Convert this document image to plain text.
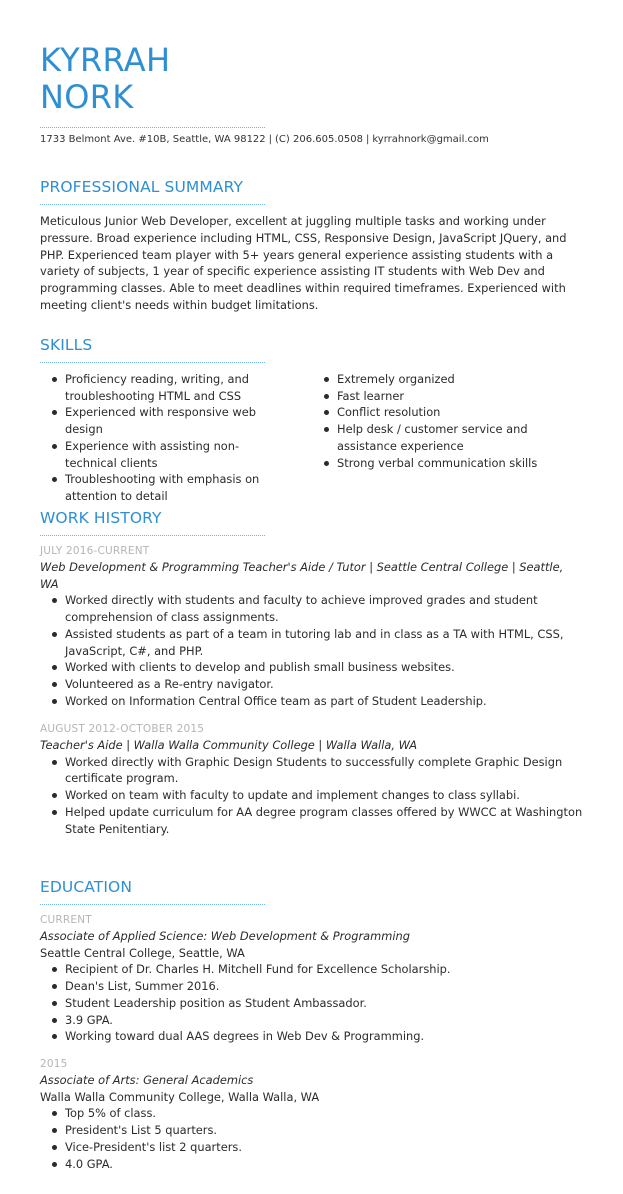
KYRRAH
NORK
1733 Belmont Ave. #10B, Seattle, WA 98122 | (C) 206.605.0508 | kyrrahnork@gmail.com
PROFESSIONAL SUMMARY
Meticulous Junior Web Developer, excellent at juggling multiple tasks and working under pressure. Broad experience including HTML, CSS, Responsive Design, JavaScript JQuery, and PHP. Experienced team player with 5+ years general experience assisting students with a variety of subjects, 1 year of specific experience assisting IT students with Web Dev and programming classes. Able to meet deadlines within required timeframes. Experienced with meeting client's needs within budget limitations.
SKILLS
Proficiency reading, writing, and troubleshooting HTML and CSS
Experienced with responsive web design
Experience with assisting non-technical clients
Troubleshooting with emphasis on attention to detail
Extremely organized
Fast learner
Conflict resolution
Help desk / customer service and assistance experience
Strong verbal communication skills
WORK HISTORY
JULY 2016-CURRENT
Web Development & Programming Teacher's Aide / Tutor | Seattle Central College | Seattle, WA
Worked directly with students and faculty to achieve improved grades and student comprehension of class assignments.
Assisted students as part of a team in tutoring lab and in class as a TA with HTML, CSS, JavaScript, C#, and PHP.
Worked with clients to develop and publish small business websites.
Volunteered as a Re-entry navigator.
Worked on Information Central Office team as part of Student Leadership.
AUGUST 2012-OCTOBER 2015
Teacher's Aide | Walla Walla Community College | Walla Walla, WA
Worked directly with Graphic Design Students to successfully complete Graphic Design certificate program.
Worked on team with faculty to update and implement changes to class syllabi.
Helped update curriculum for AA degree program classes offered by WWCC at Washington State Penitentiary.
EDUCATION
CURRENT
Associate of Applied Science: Web Development & Programming
Seattle Central College, Seattle, WA
Recipient of Dr. Charles H. Mitchell Fund for Excellence Scholarship.
Dean's List, Summer 2016.
Student Leadership position as Student Ambassador.
3.9 GPA.
Working toward dual AAS degrees in Web Dev & Programming.
2015
Associate of Arts: General Academics
Walla Walla Community College, Walla Walla, WA
Top 5% of class.
President's List 5 quarters.
Vice-President's list 2 quarters.
4.0 GPA.
